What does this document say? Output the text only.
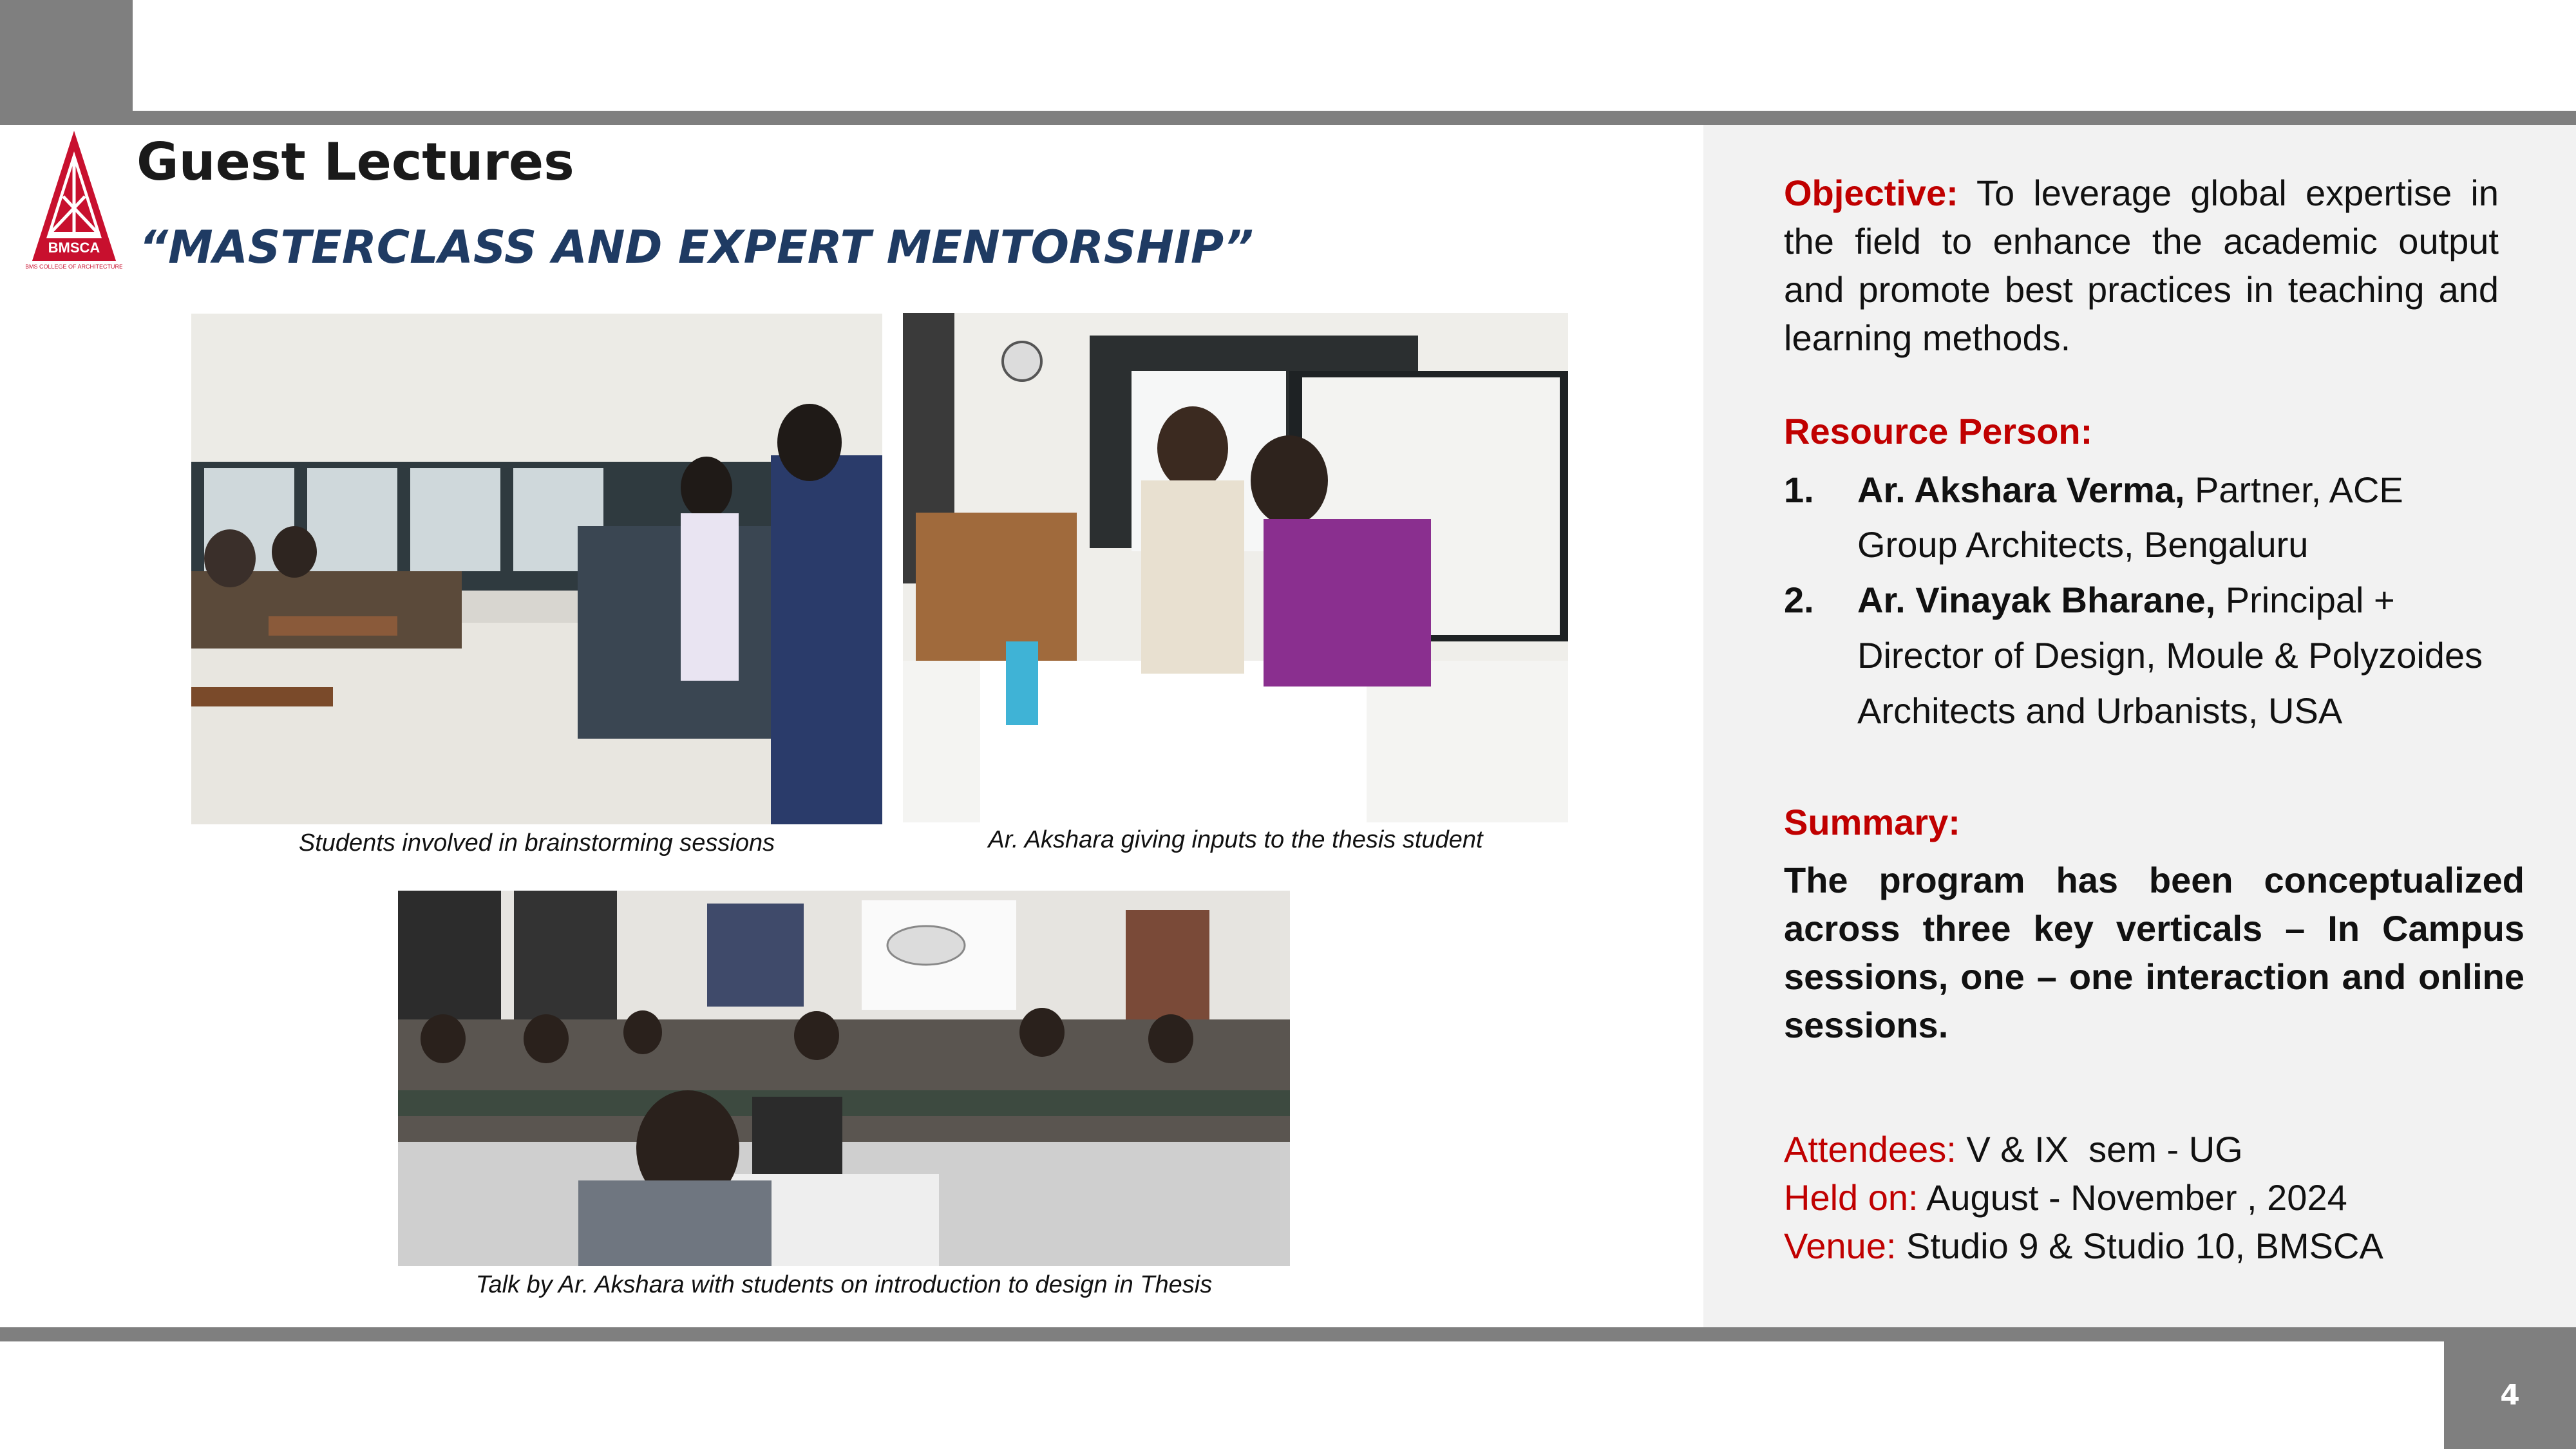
BMSCA
BMS COLLEGE OF ARCHITECTURE
Guest Lectures
“MASTERCLASS AND EXPERT MENTORSHIP”
Students involved in brainstorming sessions	Ar. Akshara giving inputs to the thesis student
Talk by Ar. Akshara with students on introduction to design in Thesis
Objective: To leverage global expertise in
the field to enhance the academic output
and promote best practices in teaching and
learning methods.
Resource Person:
1. Ar. Akshara Verma, Partner, ACE
Group Architects, Bengaluru
2. Ar. Vinayak Bharane, Principal +
Director of Design, Moule & Polyzoides
Architects and Urbanists, USA
Summary:
The program has been conceptualized
across three key verticals – In Campus
sessions, one – one interaction and online
sessions.
Attendees: V & IX  sem - UG
Held on: August - November , 2024
Venue: Studio 9 & Studio 10, BMSCA
4
